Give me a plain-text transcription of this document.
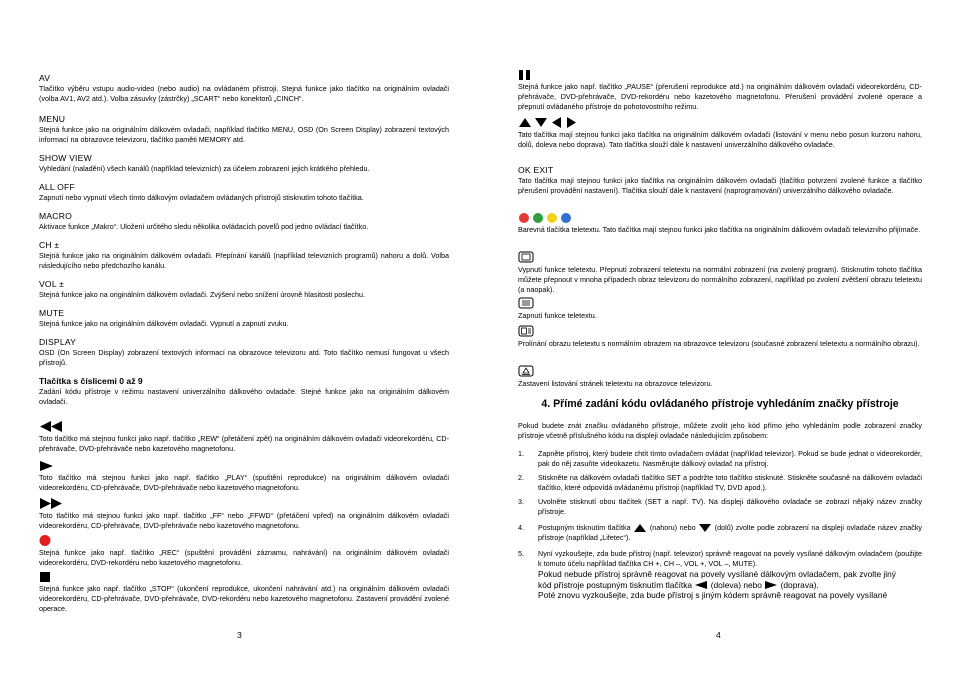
AV
Tlačítko výběru vstupu audio-video (nebo audio) na ovládaném přístroji. Stejná funkce jako tlačítko na originálním ovladači (volba AV1, AV2 atd.). Volba zásuvky (zástrčky) „SCART“ nebo konektorů „CINCH“.
MENU
Stejná funkce jako na originálním dálkovém ovladači, například tlačítko MENU, OSD (On Screen Display) zobrazení textových informací na obrazovce televizoru, tlačítko paměti MEMORY atd.
SHOW VIEW
Vyhledání (naladění) všech kanálů (například televizních) za účelem zobrazení jejich krátkého přehledu.
ALL OFF
Zapnutí nebo vypnutí všech tímto dálkovým ovladačem ovládaných přístrojů stisknutím tohoto tlačítka.
MACRO
Aktivace funkce „Makro“. Uložení určitého sledu několika ovládacích povelů pod jedno ovládací tlačítko.
CH ±
Stejná funkce jako na originálním dálkovém ovladači. Přepínání kanálů (například televizních programů) nahoru a dolů. Volba následujícího nebo předchozího kanálu.
VOL ±
Stejná funkce jako na originálním dálkovém ovladači. Zvýšení nebo snížení úrovně hlasitosti poslechu.
MUTE
Stejná funkce jako na originálním dálkovém ovladači. Vypnutí a zapnutí zvuku.
DISPLAY
OSD (On Screen Display) zobrazení textových informací na obrazovce televizoru atd. Toto tlačítko nemusí fungovat u všech přístrojů.
Tlačítka s číslicemi 0 až 9
Zadání kódu přístroje v režimu nastavení univerzálního dálkového ovladače. Stejné funkce jako na originálním dálkovém ovladači.
Toto tlačítko má stejnou funkci jako např. tlačítko „REW“ (přetáčení zpět) na originálním dálkovém ovladači videorekordéru, CD-přehrávače, DVD-přehrávače nebo kazetového magnetofonu.
Toto tlačítko má stejnou funkci jako např. tlačítko „PLAY“ (spuštění reprodukce) na originálním dálkovém ovladači videorekordéru, CD-přehrávače, DVD-přehrávače nebo kazetového magnetofonu.
Toto tlačítko má stejnou funkci jako např. tlačítko „FF“ nebo „FFWD“ (přetáčení vpřed) na originálním dálkovém ovladači videorekordéru, CD-přehrávače, DVD-přehrávače nebo kazetového magnetofonu.
Stejná funkce jako např. tlačítko „REC“ (spuštění provádění záznamu, nahrávání) na originálním dálkovém ovladači videorekordéru, DVD-rekordéru nebo kazetového magnetofonu.
Stejná funkce jako např. tlačítko „STOP“ (ukončení reprodukce, ukončení nahrávání atd.) na originálním dálkovém ovladači videorekordéru, CD-přehrávače, DVD-přehrávače, DVD-rekordéru nebo kazetového magnetofonu. Zastavení provádění zvolené operace.
3
Stejná funkce jako např. tlačítko „PAUSE“ (přerušení reprodukce atd.) na originálním dálkovém ovladači videorekordéru, CD-přehrávače, DVD-přehrávače, DVD-rekordéru nebo kazetového magnetofonu. Přerušení provádění zvolené operace a přepnutí ovládaného přístroje do pohotovostního režimu.
Tato tlačítka mají stejnou funkci jako tlačítka na originálním dálkovém ovladači (listování v menu nebo posun kurzoru nahoru, dolů, doleva nebo doprava). Tato tlačítka slouží dále k nastavení univerzálního dálkového ovladače.
OK EXIT
Tato tlačítka mají stejnou funkci jako tlačítka na originálním dálkovém ovladači (tlačítko potvrzení zvolené funkce a tlačítko přerušení provádění nastavení). Tlačítka slouží dále k nastavení (naprogramování) univerzálního dálkového ovladače.
Barevná tlačítka teletextu. Tato tlačítka mají stejnou funkci jako tlačítka na originálním dálkovém ovladači televizního přijímače.
Vypnutí funkce teletextu. Přepnutí zobrazení teletextu na normální zobrazení (na zvolený program). Stisknutím tohoto tlačítka můžete přepnout v mnoha případech obraz televizoru do normálního zobrazení, například po zvolení zvětšení obrazu teletextu (a naopak).
Zapnutí funkce teletextu.
Prolínání obrazu teletextu s normálním obrazem na obrazovce televizoru (současné zobrazení teletextu a normálního obrazu).
Zastavení listování stránek teletextu na obrazovce televizoru.
4. Přímé zadání kódu ovládaného přístroje vyhledáním značky přístroje
Pokud budete znát značku ovládaného přístroje, můžete zvolit jeho kód přímo jeho vyhledáním podle zobrazení značky přístroje včetně příslušného kódu na displeji ovladače následujícím způsobem:
1. Zapněte přístroj, který budete chtít tímto ovladačem ovládat (například televizor). Pokud se bude jednat o videorekordér, pak do něj zasuňte videokazetu. Nasměrujte dálkový ovladač na přístroj.
2. Stiskněte na dálkovém ovladači tlačítko SET a podržte toto tlačítko stisknuté. Stiskněte současně na dálkovém ovladači tlačítko, které odpovídá ovládanému přístroji (například TV, DVD apod.).
3. Uvolněte stisknutí obou tlačítek (SET a např. TV). Na displeji dálkového ovladače se zobrazí nějaký název značky přístroje.
4. Postupným tisknutím tlačítka	(nahoru) nebo	(dolů) zvolte podle zobrazení na displeji ovladače název značky přístroje (například „Lifetec“).
5. Nyní vyzkoušejte, zda bude přístroj (např. televizor) správně reagovat na povely vysílané dálkovým ovladačem (použijte k tomuto účelu například tlačítka CH +, CH –, VOL +, VOL –, MUTE).
Pokud nebude přístroj správně reagovat na povely vysílané dálkovým ovladačem, pak zvolte jiný
kód přístroje postupným tisknutím tlačítka (doleva) nebo (doprava).
Poté znovu vyzkoušejte, zda bude přístroj s jiným kódem správně reagovat na povely vysílané
4
